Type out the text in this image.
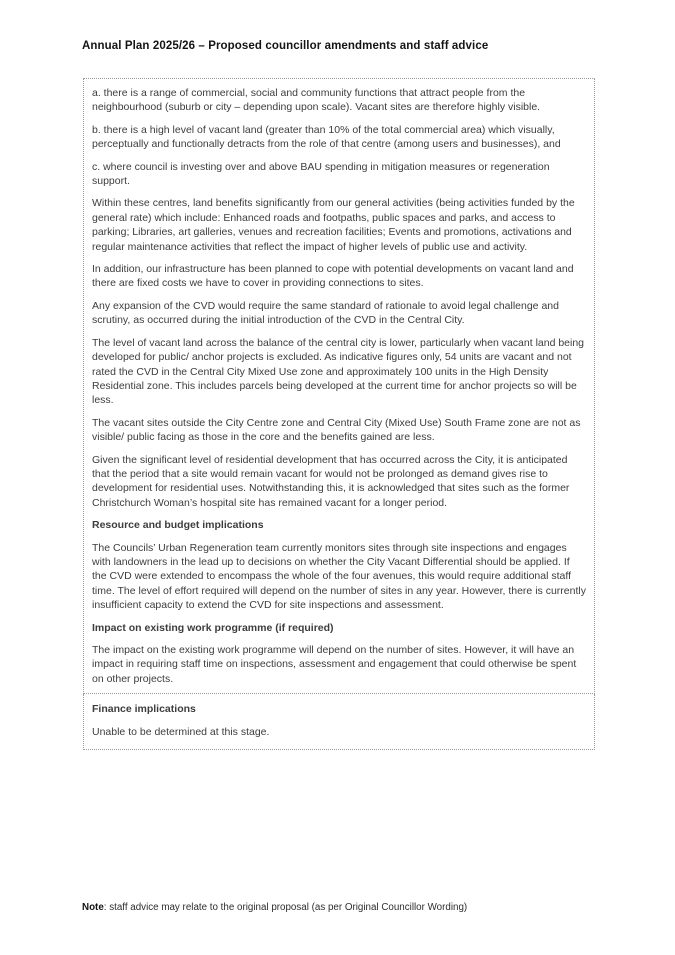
Annual Plan 2025/26 – Proposed councillor amendments and staff advice

a. there is a range of commercial, social and community functions that attract people from the neighbourhood (suburb or city – depending upon scale). Vacant sites are therefore highly visible.

b. there is a high level of vacant land (greater than 10% of the total commercial area) which visually, perceptually and functionally detracts from the role of that centre (among users and businesses), and

c. where council is investing over and above BAU spending in mitigation measures or regeneration support.

Within these centres, land benefits significantly from our general activities (being activities funded by the general rate) which include: Enhanced roads and footpaths, public spaces and parks, and access to parking; Libraries, art galleries, venues and recreation facilities; Events and promotions, activations and regular maintenance activities that reflect the impact of higher levels of public use and activity.

In addition, our infrastructure has been planned to cope with potential developments on vacant land and there are fixed costs we have to cover in providing connections to sites.

Any expansion of the CVD would require the same standard of rationale to avoid legal challenge and scrutiny, as occurred during the initial introduction of the CVD in the Central City.

The level of vacant land across the balance of the central city is lower, particularly when vacant land being developed for public/ anchor projects is excluded. As indicative figures only, 54 units are vacant and not rated the CVD in the Central City Mixed Use zone and approximately 100 units in the High Density Residential zone. This includes parcels being developed at the current time for anchor projects so will be less.

The vacant sites outside the City Centre zone and Central City (Mixed Use) South Frame zone are not as visible/ public facing as those in the core and the benefits gained are less.

Given the significant level of residential development that has occurred across the City, it is anticipated that the period that a site would remain vacant for would not be prolonged as demand gives rise to development for residential uses. Notwithstanding this, it is acknowledged that sites such as the former Christchurch Woman’s hospital site has remained vacant for a longer period.

Resource and budget implications

The Councils’ Urban Regeneration team currently monitors sites through site inspections and engages with landowners in the lead up to decisions on whether the City Vacant Differential should be applied. If the CVD were extended to encompass the whole of the four avenues, this would require additional staff time. The level of effort required will depend on the number of sites in any year. However, there is currently insufficient capacity to extend the CVD for site inspections and assessment.

Impact on existing work programme (if required)

The impact on the existing work programme will depend on the number of sites. However, it will have an impact in requiring staff time on inspections, assessment and engagement that could otherwise be spent on other projects.

Finance implications

Unable to be determined at this stage.

Note: staff advice may relate to the original proposal (as per Original Councillor Wording)
